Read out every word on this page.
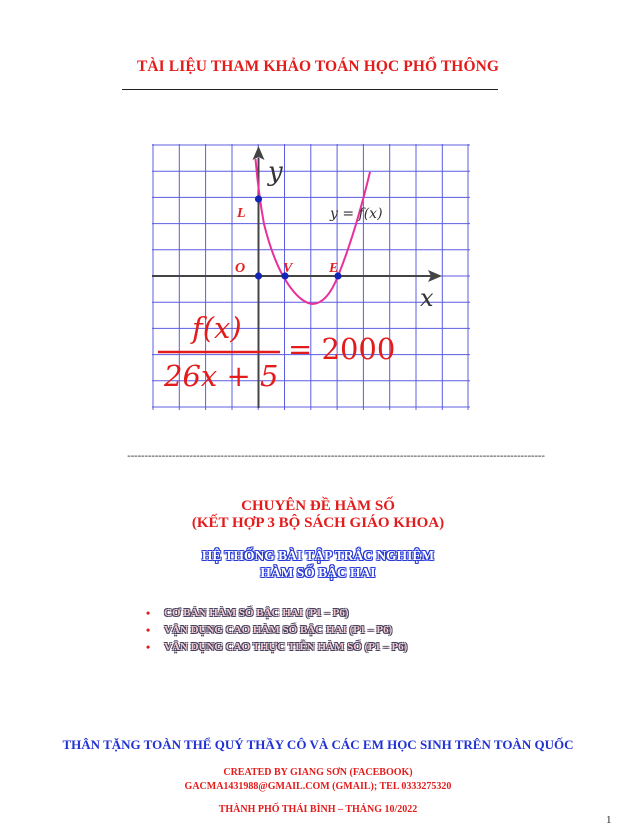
TÀI LIỆU THAM KHẢO TOÁN HỌC PHỔ THÔNG
L
O	V	E
y
x
y = f(x)
f(x)
26x + 5
= 2000
-------------------------------------------------------------------------------------------------------------------------
CHUYÊN ĐỀ HÀM SỐ
(KẾT HỢP 3 BỘ SÁCH GIÁO KHOA)
HỆ THỐNG BÀI TẬP TRẮC NGHIỆM
HÀM SỐ BẬC HAI
• CƠ BẢN HÀM SỐ BẬC HAI (P1 – P6)
• VẬN DỤNG CAO HÀM SỐ BẬC HAI (P1 – P6)
• VẬN DỤNG CAO THỰC TIỄN HÀM SỐ (P1 – P6)
THÂN TẶNG TOÀN THỂ QUÝ THẦY CÔ VÀ CÁC EM HỌC SINH TRÊN TOÀN QUỐC
CREATED BY GIANG SƠN (FACEBOOK)
GACMA1431988@GMAIL.COM (GMAIL); TEL 0333275320
THÀNH PHỐ THÁI BÌNH – THÁNG 10/2022
1
